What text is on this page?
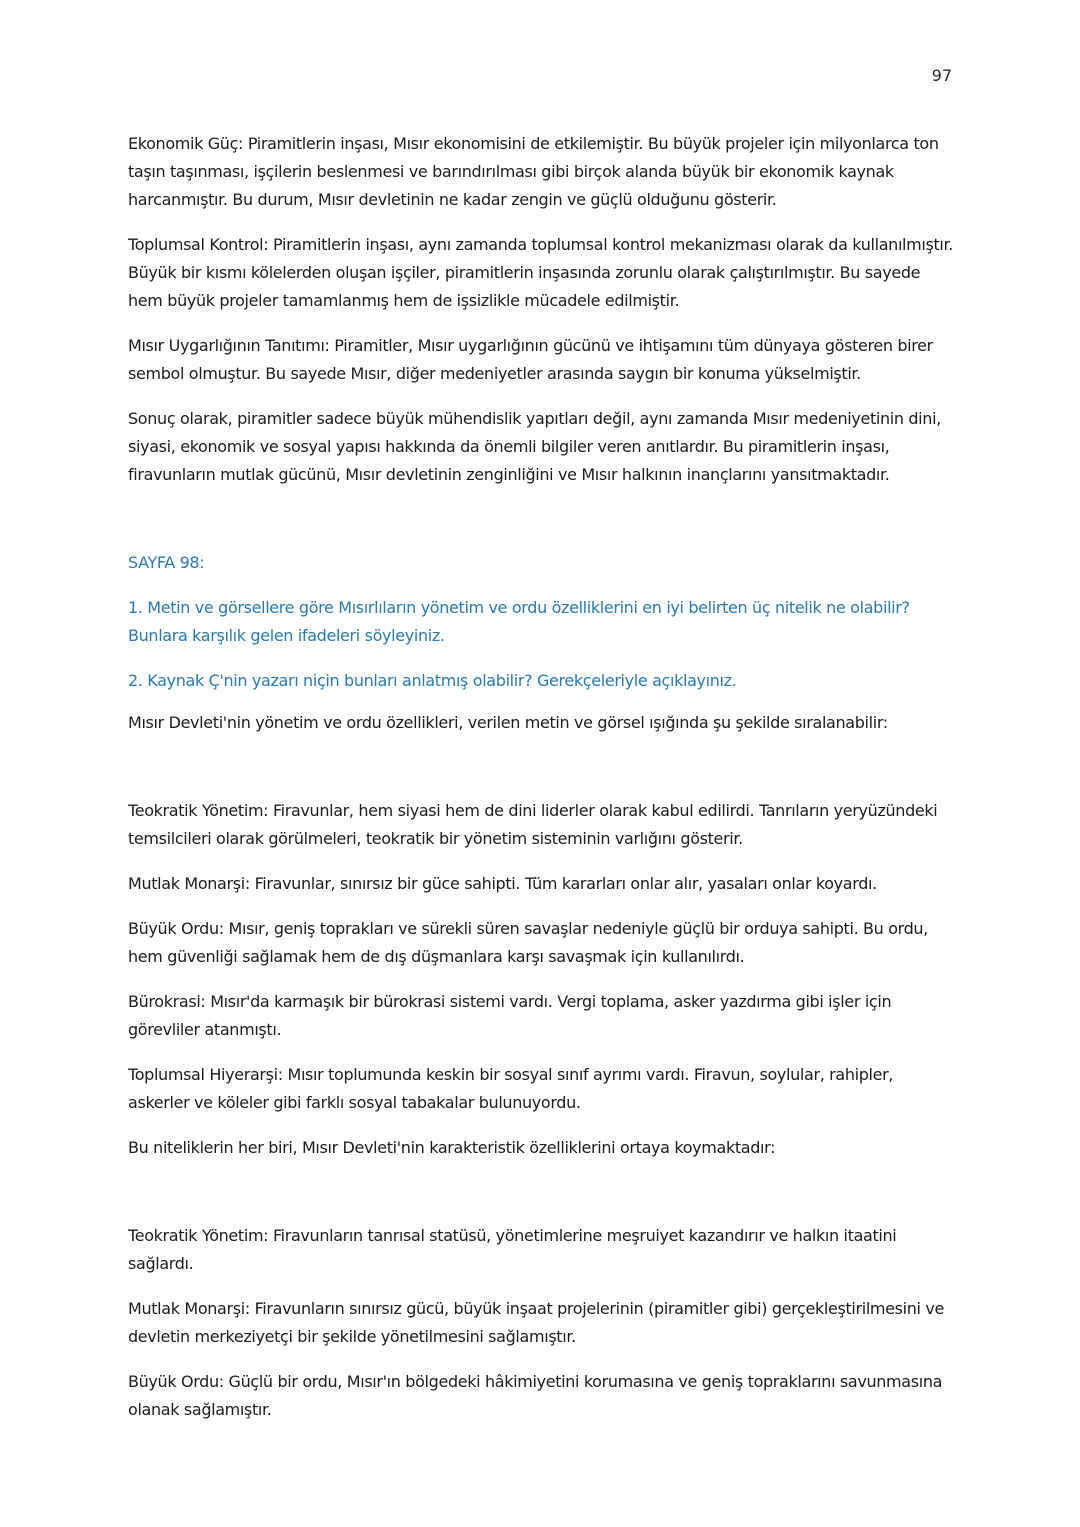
97

Ekonomik Güç: Piramitlerin inşası, Mısır ekonomisini de etkilemiştir. Bu büyük projeler için milyonlarca ton taşın taşınması, işçilerin beslenmesi ve barındırılması gibi birçok alanda büyük bir ekonomik kaynak harcanmıştır. Bu durum, Mısır devletinin ne kadar zengin ve güçlü olduğunu gösterir.

Toplumsal Kontrol: Piramitlerin inşası, aynı zamanda toplumsal kontrol mekanizması olarak da kullanılmıştır. Büyük bir kısmı kölelerden oluşan işçiler, piramitlerin inşasında zorunlu olarak çalıştırılmıştır. Bu sayede hem büyük projeler tamamlanmış hem de işsizlikle mücadele edilmiştir.

Mısır Uygarlığının Tanıtımı: Piramitler, Mısır uygarlığının gücünü ve ihtişamını tüm dünyaya gösteren birer sembol olmuştur. Bu sayede Mısır, diğer medeniyetler arasında saygın bir konuma yükselmiştir.

Sonuç olarak, piramitler sadece büyük mühendislik yapıtları değil, aynı zamanda Mısır medeniyetinin dini, siyasi, ekonomik ve sosyal yapısı hakkında da önemli bilgiler veren anıtlardır. Bu piramitlerin inşası, firavunların mutlak gücünü, Mısır devletinin zenginliğini ve Mısır halkının inançlarını yansıtmaktadır.

SAYFA 98:

1. Metin ve görsellere göre Mısırlıların yönetim ve ordu özelliklerini en iyi belirten üç nitelik ne olabilir? Bunlara karşılık gelen ifadeleri söyleyiniz.

2. Kaynak Ç'nin yazarı niçin bunları anlatmış olabilir? Gerekçeleriyle açıklayınız.

Mısır Devleti'nin yönetim ve ordu özellikleri, verilen metin ve görsel ışığında şu şekilde sıralanabilir:

Teokratik Yönetim: Firavunlar, hem siyasi hem de dini liderler olarak kabul edilirdi. Tanrıların yeryüzündeki temsilcileri olarak görülmeleri, teokratik bir yönetim sisteminin varlığını gösterir.

Mutlak Monarşi: Firavunlar, sınırsız bir güce sahipti. Tüm kararları onlar alır, yasaları onlar koyardı.

Büyük Ordu: Mısır, geniş toprakları ve sürekli süren savaşlar nedeniyle güçlü bir orduya sahipti. Bu ordu, hem güvenliği sağlamak hem de dış düşmanlara karşı savaşmak için kullanılırdı.

Bürokrasi: Mısır'da karmaşık bir bürokrasi sistemi vardı. Vergi toplama, asker yazdırma gibi işler için görevliler atanmıştı.

Toplumsal Hiyerarşi: Mısır toplumunda keskin bir sosyal sınıf ayrımı vardı. Firavun, soylular, rahipler, askerler ve köleler gibi farklı sosyal tabakalar bulunuyordu.

Bu niteliklerin her biri, Mısır Devleti'nin karakteristik özelliklerini ortaya koymaktadır:

Teokratik Yönetim: Firavunların tanrısal statüsü, yönetimlerine meşruiyet kazandırır ve halkın itaatini sağlardı.

Mutlak Monarşi: Firavunların sınırsız gücü, büyük inşaat projelerinin (piramitler gibi) gerçekleştirilmesini ve devletin merkeziyetçi bir şekilde yönetilmesini sağlamıştır.

Büyük Ordu: Güçlü bir ordu, Mısır'ın bölgedeki hâkimiyetini korumasına ve geniş topraklarını savunmasına olanak sağlamıştır.
